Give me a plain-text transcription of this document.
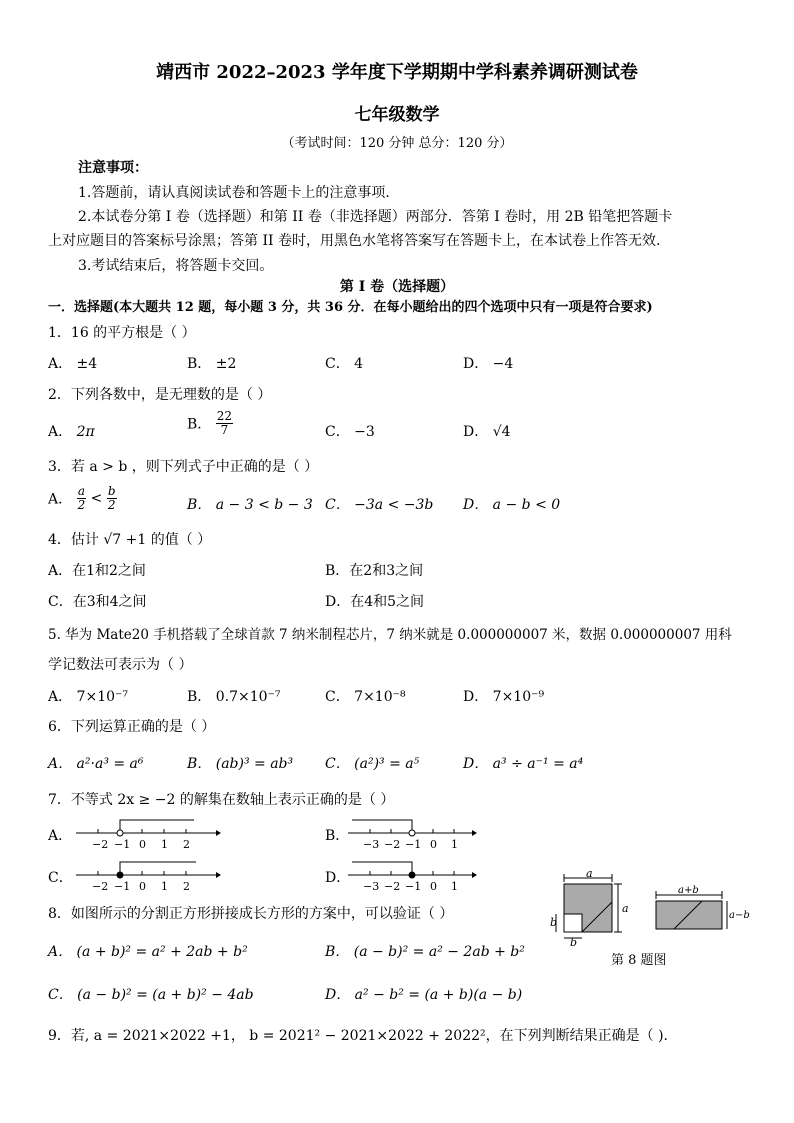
靖西市 2022–2023 学年度下学期期中学科素养调研测试卷
七年级数学
（考试时间：120 分钟 总分：120 分）
注意事项：
1.答题前，请认真阅读试卷和答题卡上的注意事项.
2.本试卷分第 I 卷（选择题）和第 II 卷（非选择题）两部分．答第 I 卷时，用 2B 铅笔把答题卡
上对应题目的答案标号涂黑；答第 II 卷时，用黑色水笔将答案写在答题卡上，在本试卷上作答无效.
3.考试结束后，将答题卡交回。
第 I 卷（选择题）
一．选择题(本大题共 12 题，每小题 3 分，共 36 分．在每小题给出的四个选项中只有一项是符合要求)
1．16 的平方根是（ ）
A． ±4	B． ±2	C． 4	D． −4
2．下列各数中，是无理数的是（ ）
A． 2π	B． $\frac{22}{7}$	C． −3	D． √4
3．若 a > b ，则下列式子中正确的是（ ）
A． $\frac{a}{2} < \frac{b}{2}$	B． a − 3 < b − 3 C． −3a < −3b D． a − b < 0
4．估计 √7 +1 的值（ ）
A．在1和2之间	B．在2和3之间
C．在3和4之间	D．在4和5之间
5. 华为 Mate20 手机搭载了全球首款 7 纳米制程芯片，7 纳米就是 0.000000007 米，数据 0.000000007 用科
学记数法可表示为（ ）
A． 7×10⁻⁷	B． 0.7×10⁻⁷	C． 7×10⁻⁸	D． 7×10⁻⁹
6．下列运算正确的是（ ）
A． a²·a³ = a⁶	B． (ab)³ = ab³ C． (a²)³ = a⁵	D． a³ ÷ a⁻¹ = a⁴
7．不等式 2x ≥ −2 的解集在数轴上表示正确的是（ ）
A．
−2 −1 0 1 2
B．
−3 −2 −1 0 1
C．
−2 −1 0 1 2
D．
−3 −2 −1 0 1
8．如图所示的分割正方形拼接成长方形的方案中，可以验证（ ）
A． (a + b)² = a² + 2ab + b²	B． (a − b)² = a² − 2ab + b²
C． (a − b)² = (a + b)² − 4ab	D． a² − b² = (a + b)(a − b)
a
a
b
b
a+b
a−b
第 8 题图
9．若, a = 2021×2022 +1， b = 2021² − 2021×2022 + 2022²，在下列判断结果正确是（ ).
